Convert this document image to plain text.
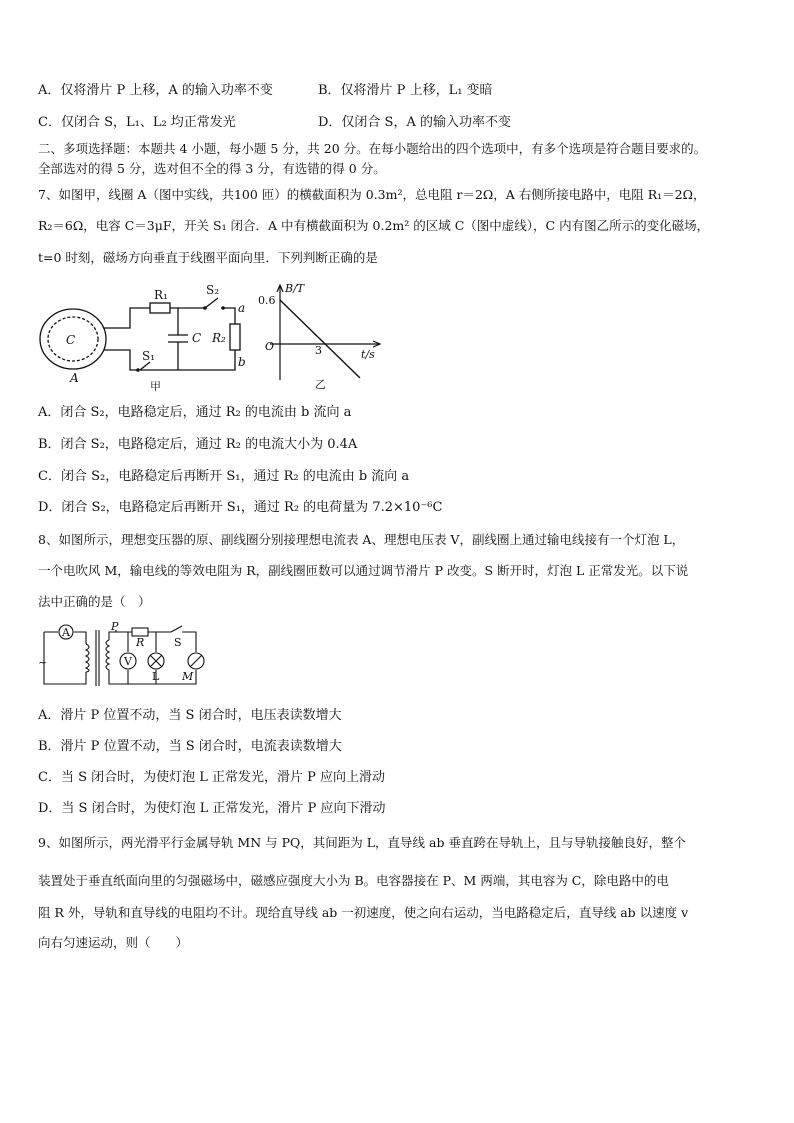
A．仅将滑片 P 上移，A 的输入功率不变	B．仅将滑片 P 上移，L₁ 变暗
C．仅闭合 S，L₁、L₂ 均正常发光	D．仅闭合 S，A 的输入功率不变
二、多项选择题：本题共 4 小题，每小题 5 分，共 20 分。在每小题给出的四个选项中，有多个选项是符合题目要求的。
全部选对的得 5 分，选对但不全的得 3 分，有选错的得 0 分。
7、如图甲，线圈 A（图中实线，共100 匝）的横截面积为 0.3m²，总电阻 r＝2Ω，A 右侧所接电路中，电阻 R₁＝2Ω，
R₂＝6Ω，电容 C＝3μF，开关 S₁ 闭合．A 中有横截面积为 0.2m² 的区域 C（图中虚线），C 内有图乙所示的变化磁场，
t=0 时刻，磁场方向垂直于线圈平面向里．下列判断正确的是
C
A
R₁	S₂
a
C R₂
b
S₁
甲
B/T
0.6
O	3	t/s
乙
A．闭合 S₂，电路稳定后，通过 R₂ 的电流由 b 流向 a
B．闭合 S₂，电路稳定后，通过 R₂ 的电流大小为 0.4A
C．闭合 S₂，电路稳定后再断开 S₁，通过 R₂ 的电流由 b 流向 a
D．闭合 S₂，电路稳定后再断开 S₁，通过 R₂ 的电荷量为 7.2×10⁻⁶C
8、如图所示，理想变压器的原、副线圈分别接理想电流表 A、理想电压表 V，副线圈上通过输电线接有一个灯泡 L，
一个电吹风 M，输电线的等效电阻为 R，副线圈匝数可以通过调节滑片 P 改变。S 断开时，灯泡 L 正常发光。以下说
法中正确的是（　）
A
~
P
R	S
V
L M
A．滑片 P 位置不动，当 S 闭合时，电压表读数增大
B．滑片 P 位置不动，当 S 闭合时，电流表读数增大
C．当 S 闭合时，为使灯泡 L 正常发光，滑片 P 应向上滑动
D．当 S 闭合时，为使灯泡 L 正常发光，滑片 P 应向下滑动
9、如图所示，两光滑平行金属导轨 MN 与 PQ，其间距为 L，直导线 ab 垂直跨在导轨上，且与导轨接触良好，整个
装置处于垂直纸面向里的匀强磁场中，磁感应强度大小为 B。电容器接在 P、M 两端，其电容为 C，除电路中的电
阻 R 外，导轨和直导线的电阻均不计。现给直导线 ab 一初速度，使之向右运动，当电路稳定后，直导线 ab 以速度 v
向右匀速运动，则（　　）
